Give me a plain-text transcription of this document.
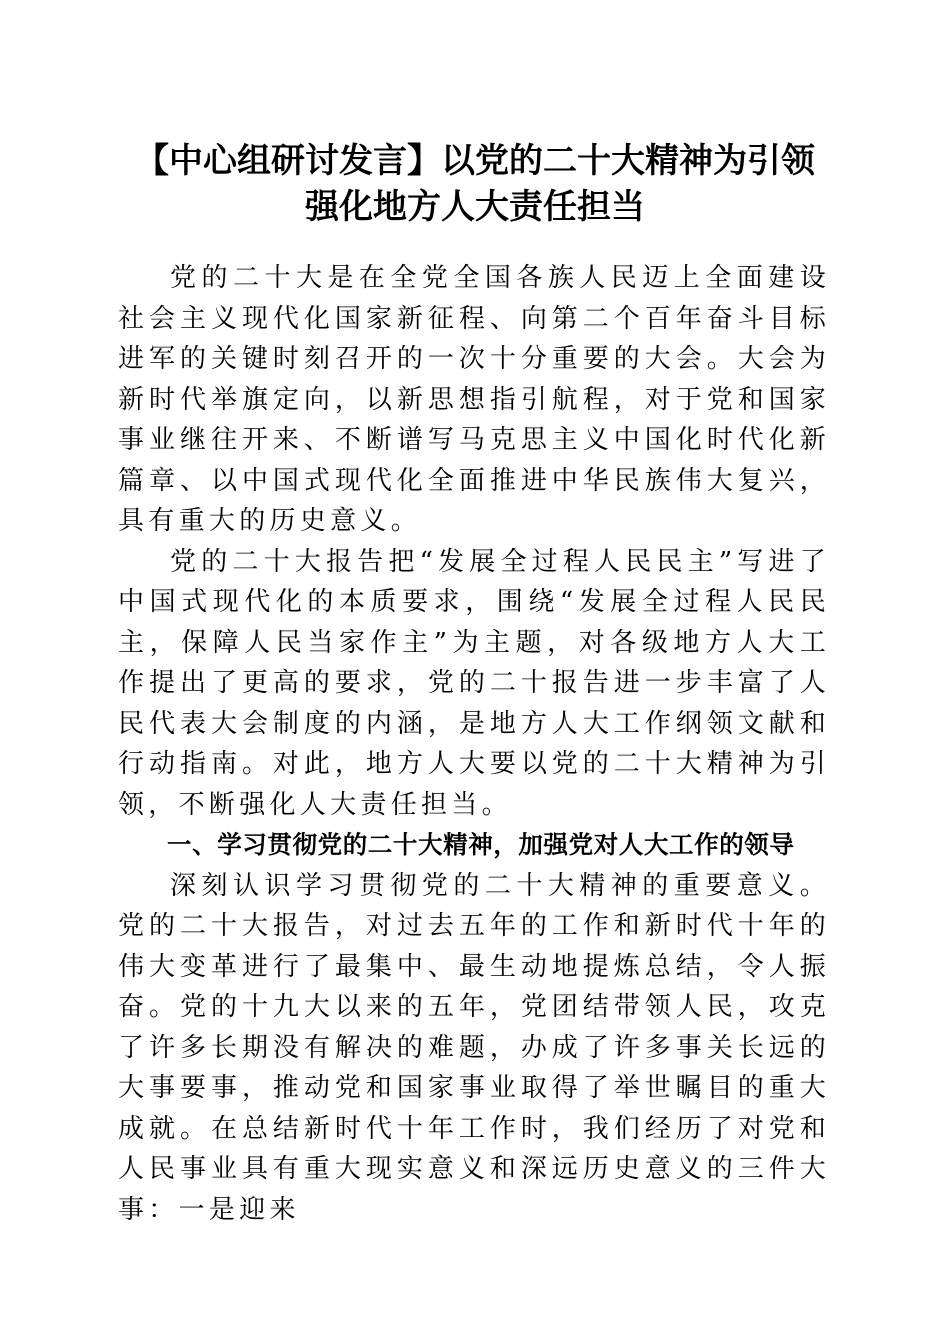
【中心组研讨发言】以党的二十大精神为引领
强化地方人大责任担当

党的二十大是在全党全国各族人民迈上全面建设社会主义现代化国家新征程、向第二个百年奋斗目标进军的关键时刻召开的一次十分重要的大会。大会为新时代举旗定向，以新思想指引航程，对于党和国家事业继往开来、不断谱写马克思主义中国化时代化新篇章、以中国式现代化全面推进中华民族伟大复兴，具有重大的历史意义。

党的二十大报告把“发展全过程人民民主”写进了中国式现代化的本质要求，围绕“发展全过程人民民主，保障人民当家作主”为主题，对各级地方人大工作提出了更高的要求，党的二十报告进一步丰富了人民代表大会制度的内涵，是地方人大工作纲领文献和行动指南。对此，地方人大要以党的二十大精神为引领，不断强化人大责任担当。

一、学习贯彻党的二十大精神，加强党对人大工作的领导

深刻认识学习贯彻党的二十大精神的重要意义。党的二十大报告，对过去五年的工作和新时代十年的伟大变革进行了最集中、最生动地提炼总结，令人振奋。党的十九大以来的五年，党团结带领人民，攻克了许多长期没有解决的难题，办成了许多事关长远的大事要事，推动党和国家事业取得了举世瞩目的重大成就。在总结新时代十年工作时，我们经历了对党和人民事业具有重大现实意义和深远历史意义的三件大事：一是迎来
